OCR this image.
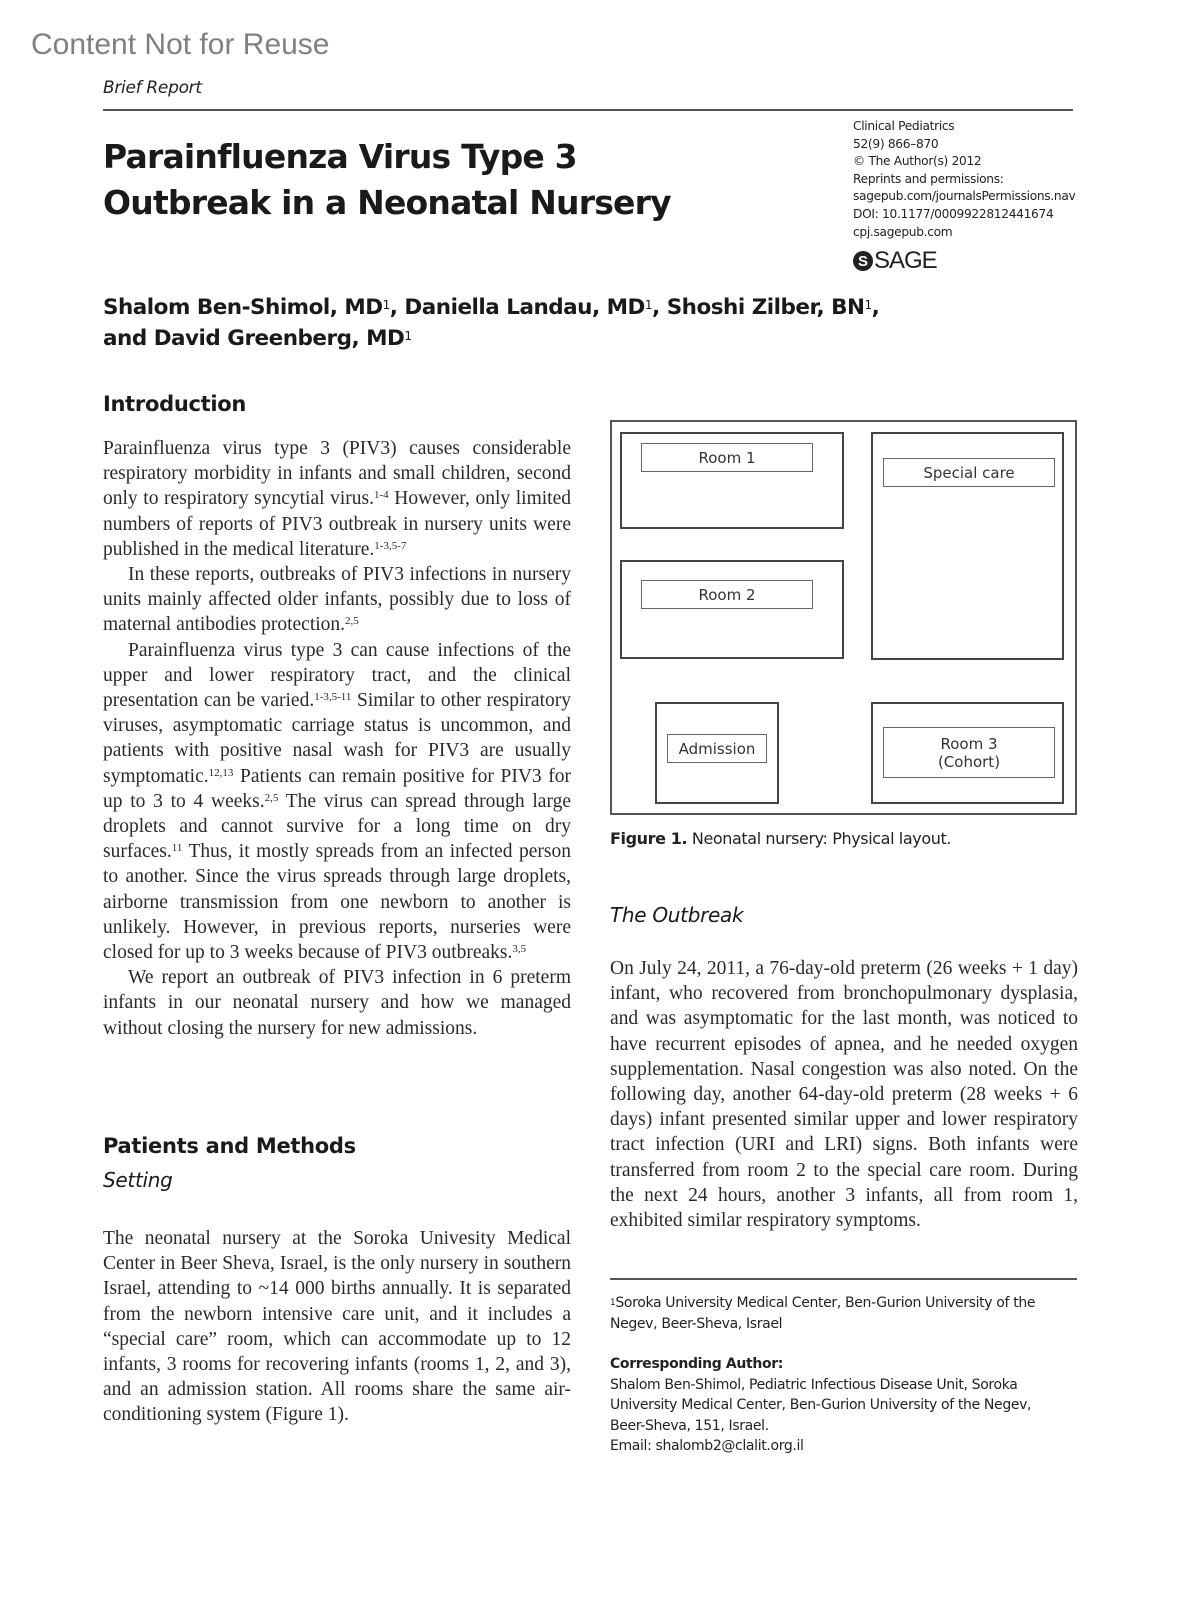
Content Not for Reuse
Brief Report
Parainfluenza Virus Type 3
Outbreak in a Neonatal Nursery
Clinical Pediatrics
52(9) 866–870
© The Author(s) 2012
Reprints and permissions:
sagepub.com/journalsPermissions.nav
DOI: 10.1177/0009922812441674
cpj.sagepub.com
S SAGE
Shalom Ben-Shimol, $MD^1$, Daniella Landau, $MD^1$, Shoshi Zilber, $BN^1$,
and David Greenberg, $MD^1$
Introduction

Parainfluenza virus type 3 (PIV3) causes considerable respiratory morbidity in infants and small children, second only to respiratory syncytial virus.$^{1-4}$ However, only limited numbers of reports of PIV3 outbreak in nursery units were published in the medical literature.$^{1-3,5-7}$

In these reports, outbreaks of PIV3 infections in nursery units mainly affected older infants, possibly due to loss of maternal antibodies protection.$^{2,5}$

Parainfluenza virus type 3 can cause infections of the upper and lower respiratory tract, and the clinical presentation can be varied.$^{1-3,5-11}$ Similar to other respiratory viruses, asymptomatic carriage status is uncommon, and patients with positive nasal wash for PIV3 are usually symptomatic.$^{12,13}$ Patients can remain positive for PIV3 for up to 3 to 4 weeks.$^{2,5}$ The virus can spread through large droplets and cannot survive for a long time on dry surfaces.$^{11}$ Thus, it mostly spreads from an infected person to another. Since the virus spreads through large droplets, airborne transmission from one newborn to another is unlikely. However, in previous reports, nurseries were closed for up to 3 weeks because of PIV3 outbreaks.$^{3,5}$

We report an outbreak of PIV3 infection in 6 preterm infants in our neonatal nursery and how we managed without closing the nursery for new admissions.

Patients and Methods
Setting

The neonatal nursery at the Soroka Univesity Medical Center in Beer Sheva, Israel, is the only nursery in southern Israel, attending to ~14 000 births annually. It is separated from the newborn intensive care unit, and it includes a “special care” room, which can accommodate up to 12 infants, 3 rooms for recovering infants (rooms 1, 2, and 3), and an admission station. All rooms share the same air-conditioning system (Figure 1).

Room 1
Special care
Room 2
Admission	Room 3
(Cohort)
Figure 1. Neonatal nursery: Physical layout.
The Outbreak

On July 24, 2011, a 76-day-old preterm (26 weeks + 1 day) infant, who recovered from bronchopulmonary dysplasia, and was asymptomatic for the last month, was noticed to have recurrent episodes of apnea, and he needed oxygen supplementation. Nasal congestion was also noted. On the following day, another 64-day-old preterm (28 weeks + 6 days) infant presented similar upper and lower respiratory tract infection (URI and LRI) signs. Both infants were transferred from room 2 to the special care room. During the next 24 hours, another 3 infants, all from room 1, exhibited similar respiratory symptoms.

$^1$Soroka University Medical Center, Ben-Gurion University of the Negev, Beer-Sheva, Israel
Corresponding Author:
Shalom Ben-Shimol, Pediatric Infectious Disease Unit, Soroka
University Medical Center, Ben-Gurion University of the Negev,
Beer-Sheva, 151, Israel.
Email: shalomb2@clalit.org.il
